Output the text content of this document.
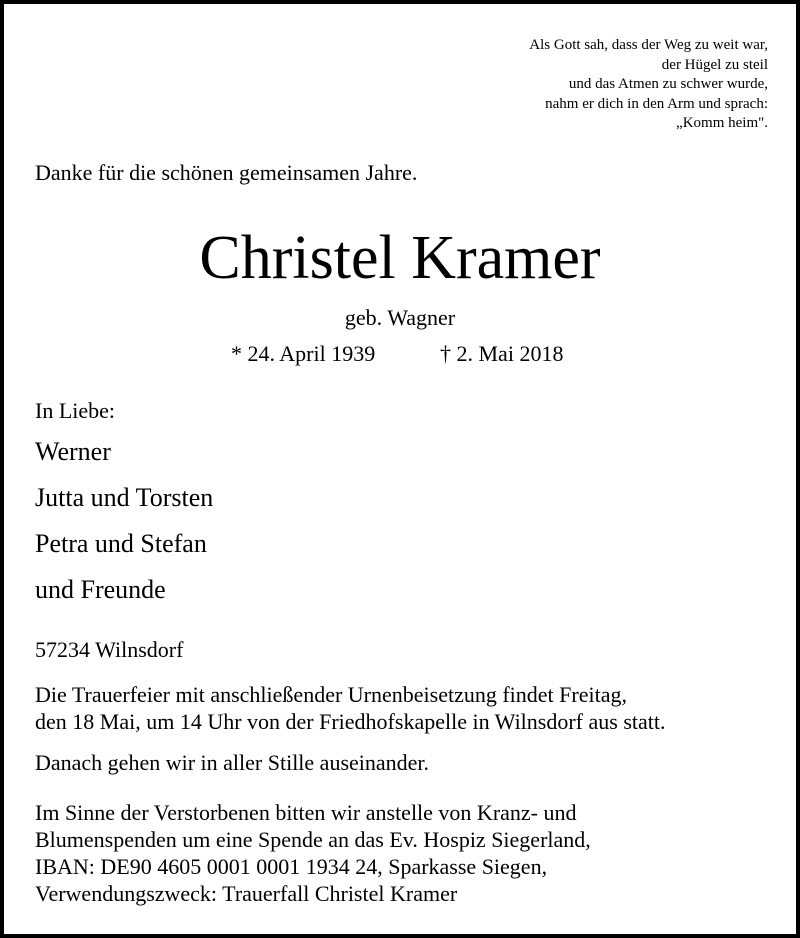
Als Gott sah, dass der Weg zu weit war,
der Hügel zu steil
und das Atmen zu schwer wurde,
nahm er dich in den Arm und sprach:
„Komm heim".
Danke für die schönen gemeinsamen Jahre.
Christel Kramer
geb. Wagner
* 24. April 1939	† 2. Mai 2018
In Liebe:
Werner
Jutta und Torsten
Petra und Stefan
und Freunde
57234 Wilnsdorf
Die Trauerfeier mit anschließender Urnenbeisetzung findet Freitag,
den 18 Mai, um 14 Uhr von der Friedhofskapelle in Wilnsdorf aus statt.
Danach gehen wir in aller Stille auseinander.
Im Sinne der Verstorbenen bitten wir anstelle von Kranz- und
Blumenspenden um eine Spende an das Ev. Hospiz Siegerland,
IBAN: DE90 4605 0001 0001 1934 24, Sparkasse Siegen,
Verwendungszweck: Trauerfall Christel Kramer
